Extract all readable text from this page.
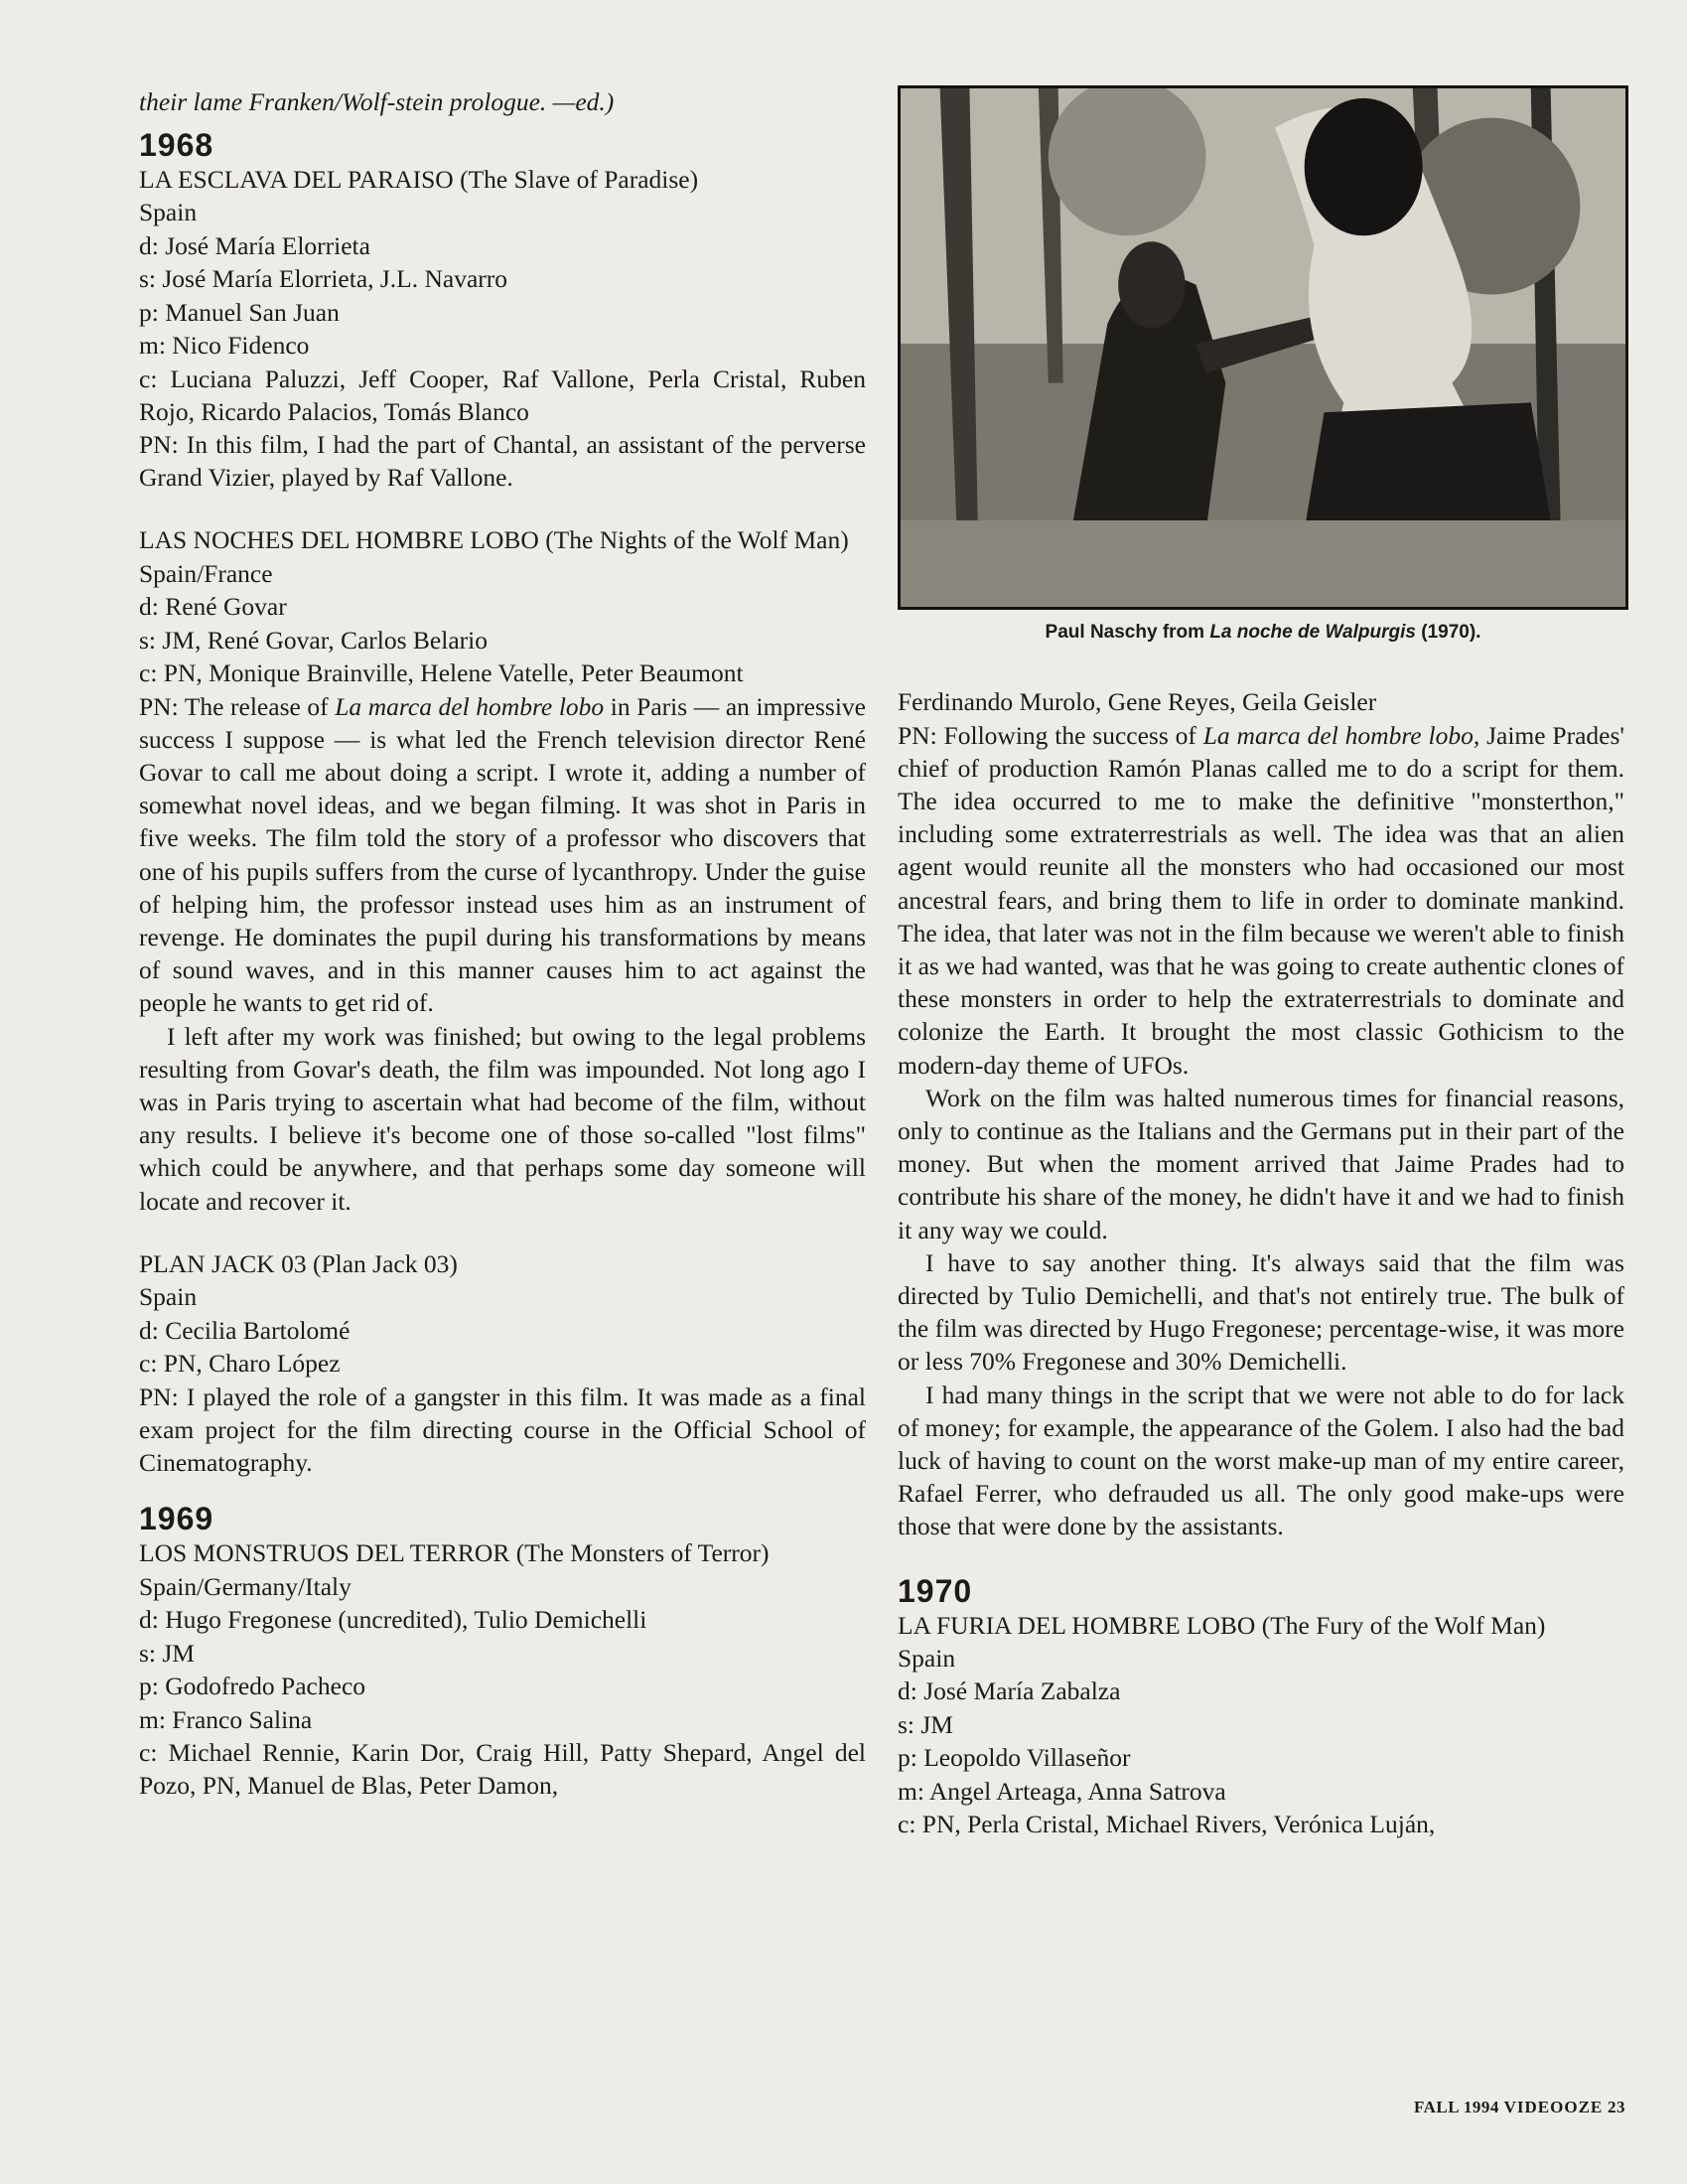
their lame Franken/Wolf-stein prologue. —ed.)

1968

LA ESCLAVA DEL PARAISO (The Slave of Paradise)

Spain

d: José María Elorrieta

s: José María Elorrieta, J.L. Navarro

p: Manuel San Juan

m: Nico Fidenco

c: Luciana Paluzzi, Jeff Cooper, Raf Vallone, Perla Cristal, Ruben Rojo, Ricardo Palacios, Tomás Blanco

PN: In this film, I had the part of Chantal, an assistant of the perverse Grand Vizier, played by Raf Vallone.

LAS NOCHES DEL HOMBRE LOBO (The Nights of the Wolf Man)

Spain/France

d: René Govar

s: JM, René Govar, Carlos Belario

c: PN, Monique Brainville, Helene Vatelle, Peter Beaumont

PN: The release of La marca del hombre lobo in Paris — an impressive success I suppose — is what led the French television director René Govar to call me about doing a script. I wrote it, adding a number of somewhat novel ideas, and we began filming. It was shot in Paris in five weeks. The film told the story of a professor who discovers that one of his pupils suffers from the curse of lycanthropy. Under the guise of helping him, the professor instead uses him as an instrument of revenge. He dominates the pupil during his transformations by means of sound waves, and in this manner causes him to act against the people he wants to get rid of.

I left after my work was finished; but owing to the legal problems resulting from Govar's death, the film was impounded. Not long ago I was in Paris trying to ascertain what had become of the film, without any results. I believe it's become one of those so-called "lost films" which could be anywhere, and that perhaps some day someone will locate and recover it.

PLAN JACK 03 (Plan Jack 03)

Spain

d: Cecilia Bartolomé

c: PN, Charo López

PN: I played the role of a gangster in this film. It was made as a final exam project for the film directing course in the Official School of Cinematography.

1969

LOS MONSTRUOS DEL TERROR (The Monsters of Terror)

Spain/Germany/Italy

d: Hugo Fregonese (uncredited), Tulio Demichelli

s: JM

p: Godofredo Pacheco

m: Franco Salina

c: Michael Rennie, Karin Dor, Craig Hill, Patty Shepard, Angel del Pozo, PN, Manuel de Blas, Peter Damon,

Paul Naschy from La noche de Walpurgis (1970).

Ferdinando Murolo, Gene Reyes, Geila Geisler

PN: Following the success of La marca del hombre lobo, Jaime Prades' chief of production Ramón Planas called me to do a script for them. The idea occurred to me to make the definitive "monsterthon," including some extraterrestrials as well. The idea was that an alien agent would reunite all the monsters who had occasioned our most ancestral fears, and bring them to life in order to dominate mankind. The idea, that later was not in the film because we weren't able to finish it as we had wanted, was that he was going to create authentic clones of these monsters in order to help the extraterrestrials to dominate and colonize the Earth. It brought the most classic Gothicism to the modern-day theme of UFOs.

Work on the film was halted numerous times for financial reasons, only to continue as the Italians and the Germans put in their part of the money. But when the moment arrived that Jaime Prades had to contribute his share of the money, he didn't have it and we had to finish it any way we could.

I have to say another thing. It's always said that the film was directed by Tulio Demichelli, and that's not entirely true. The bulk of the film was directed by Hugo Fregonese; percentage-wise, it was more or less 70% Fregonese and 30% Demichelli.

I had many things in the script that we were not able to do for lack of money; for example, the appearance of the Golem. I also had the bad luck of having to count on the worst make-up man of my entire career, Rafael Ferrer, who defrauded us all. The only good make-ups were those that were done by the assistants.

1970

LA FURIA DEL HOMBRE LOBO (The Fury of the Wolf Man)

Spain

d: José María Zabalza

s: JM

p: Leopoldo Villaseñor

m: Angel Arteaga, Anna Satrova

c: PN, Perla Cristal, Michael Rivers, Verónica Luján,

FALL 1994 VIDEOOZE 23
